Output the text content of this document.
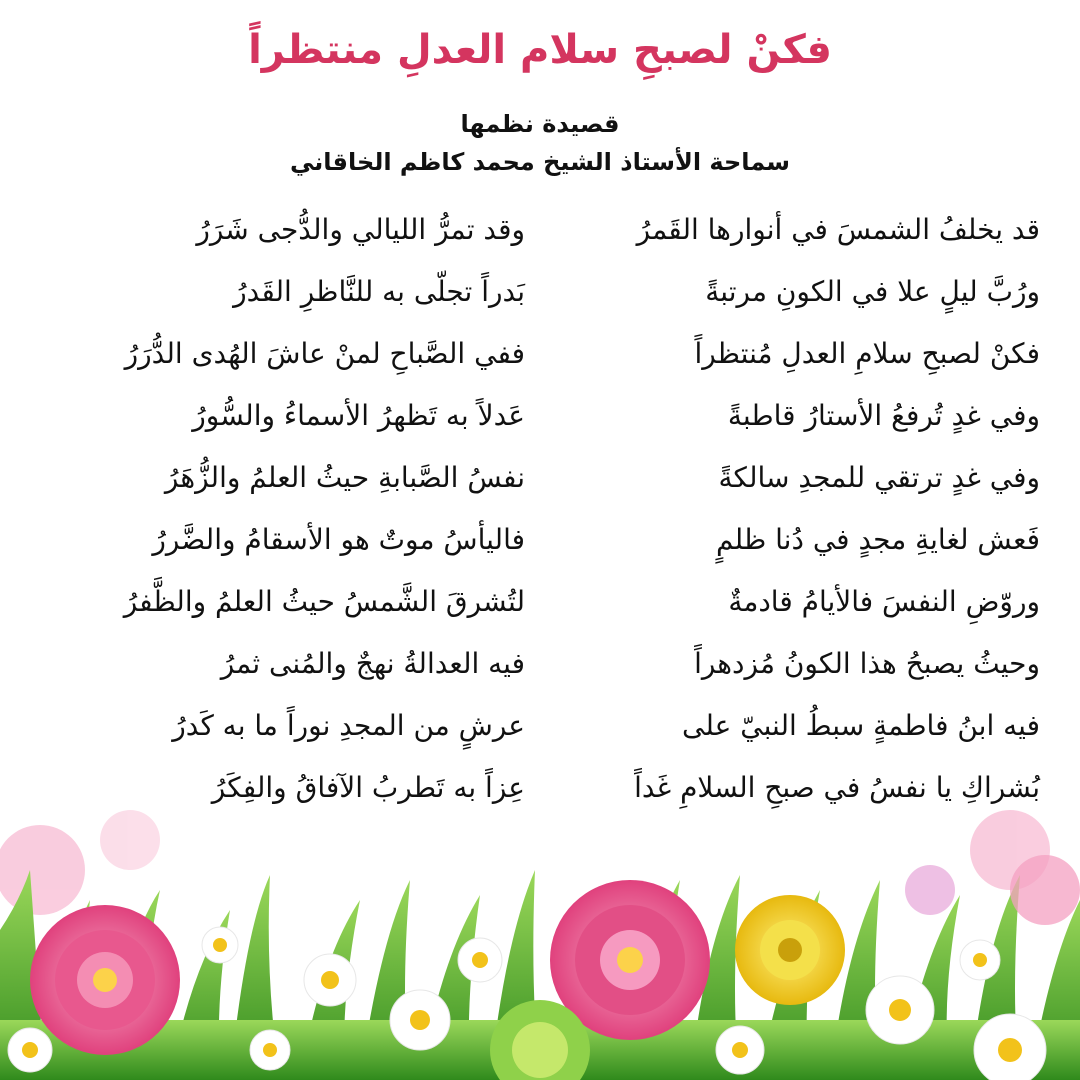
فكنْ لصبحِ سلام العدلِ منتظراً
قصيدة نظمها
سماحة الأستاذ الشيخ محمد كاظم الخاقاني
قد يخلفُ الشمسَ في أنوارها القَمرُ
وقد تمرُّ الليالي والدُّجى شَرَرُ
ورُبَّ ليلٍ علا في الكونِ مرتبةً
بَدراً تجلّى به للنَّاظرِ القَدرُ
فكنْ لصبحِ سلامِ العدلِ مُنتظراً
ففي الصَّباحِ لمنْ عاشَ الهُدى الدُّرَرُ
وفي غدٍ تُرفعُ الأستارُ قاطبةً
عَدلاً به تَظهرُ الأسماءُ والسُّورُ
وفي غدٍ ترتقي للمجدِ سالكةً
نفسُ الصَّبابةِ حيثُ العلمُ والزُّهَرُ
فَعش لغايةِ مجدٍ في دُنا ظلمٍ
فاليأسُ موتٌ هو الأسقامُ والضَّررُ
وروّضِ النفسَ فالأيامُ قادمةٌ
لتُشرقَ الشَّمسُ حيثُ العلمُ والظَّفرُ
وحيثُ يصبحُ هذا الكونُ مُزدهراً
فيه العدالةُ نهجٌ والمُنى ثمرُ
فيه ابنُ فاطمةٍ سبطُ النبيّ على
عرشٍ من المجدِ نوراً ما به كَدرُ
بُشراكِ يا نفسُ في صبحِ السلامِ غَداً
عِزاً به تَطربُ الآفاقُ والفِكَرُ
